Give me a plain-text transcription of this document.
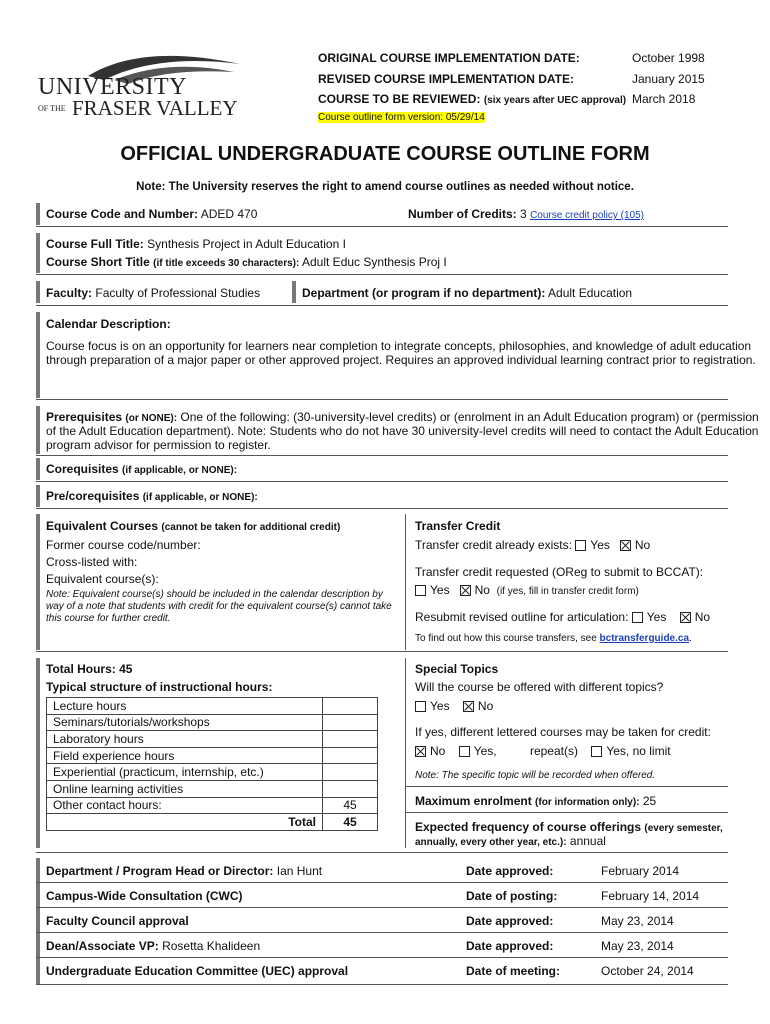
UNIVERSITY
OF THE FRASER VALLEY
ORIGINAL COURSE IMPLEMENTATION DATE:	October 1998
REVISED COURSE IMPLEMENTATION DATE:	January 2015
COURSE TO BE REVIEWED: (six years after UEC approval) March 2018
Course outline form version: 05/29/14
OFFICIAL UNDERGRADUATE COURSE OUTLINE FORM
Note: The University reserves the right to amend course outlines as needed without notice.
Course Code and Number: ADED 470	Number of Credits: 3 Course credit policy (105)
Course Full Title: Synthesis Project in Adult Education I
Course Short Title (if title exceeds 30 characters): Adult Educ Synthesis Proj I
Faculty: Faculty of Professional Studies	Department (or program if no department): Adult Education
Calendar Description:
Course focus is on an opportunity for learners near completion to integrate concepts, philosophies, and knowledge of adult education
through preparation of a major paper or other approved project. Requires an approved individual learning contract prior to registration.
Prerequisites (or NONE): One of the following: (30-university-level credits) or (enrolment in an Adult Education program) or (permission
of the Adult Education department). Note: Students who do not have 30 university-level credits will need to contact the Adult Education
program advisor for permission to register.
Corequisites (if applicable, or NONE):
Pre/corequisites (if applicable, or NONE):
Equivalent Courses (cannot be taken for additional credit)
Former course code/number:
Cross-listed with:
Equivalent course(s):
Note: Equivalent course(s) should be included in the calendar description by
way of a note that students with credit for the equivalent course(s) cannot take
this course for further credit.
Transfer Credit
Transfer credit already exists: Yes No
Transfer credit requested (OReg to submit to BCCAT):
Yes No (if yes, fill in transfer credit form)
Resubmit revised outline for articulation: Yes No
To find out how this course transfers, see bctransferguide.ca.
Total Hours: 45
Typical structure of instructional hours:
Lecture hours	
Seminars/tutorials/workshops	
Laboratory hours	
Field experience hours	
Experiential (practicum, internship, etc.)	
Online learning activities	
Other contact hours:	45
Total	45
Special Topics
Will the course be offered with different topics?
Yes No
If yes, different lettered courses may be taken for credit:
No Yes,	repeat(s) Yes, no limit
Note: The specific topic will be recorded when offered.
Maximum enrolment (for information only): 25
Expected frequency of course offerings (every semester,
annually, every other year, etc.): annual
Department / Program Head or Director: Ian Hunt	Date approved:	February 2014
Campus-Wide Consultation (CWC)	Date of posting:	February 14, 2014
Faculty Council approval	Date approved:	May 23, 2014
Dean/Associate VP: Rosetta Khalideen	Date approved:	May 23, 2014
Undergraduate Education Committee (UEC) approval	Date of meeting:	October 24, 2014
